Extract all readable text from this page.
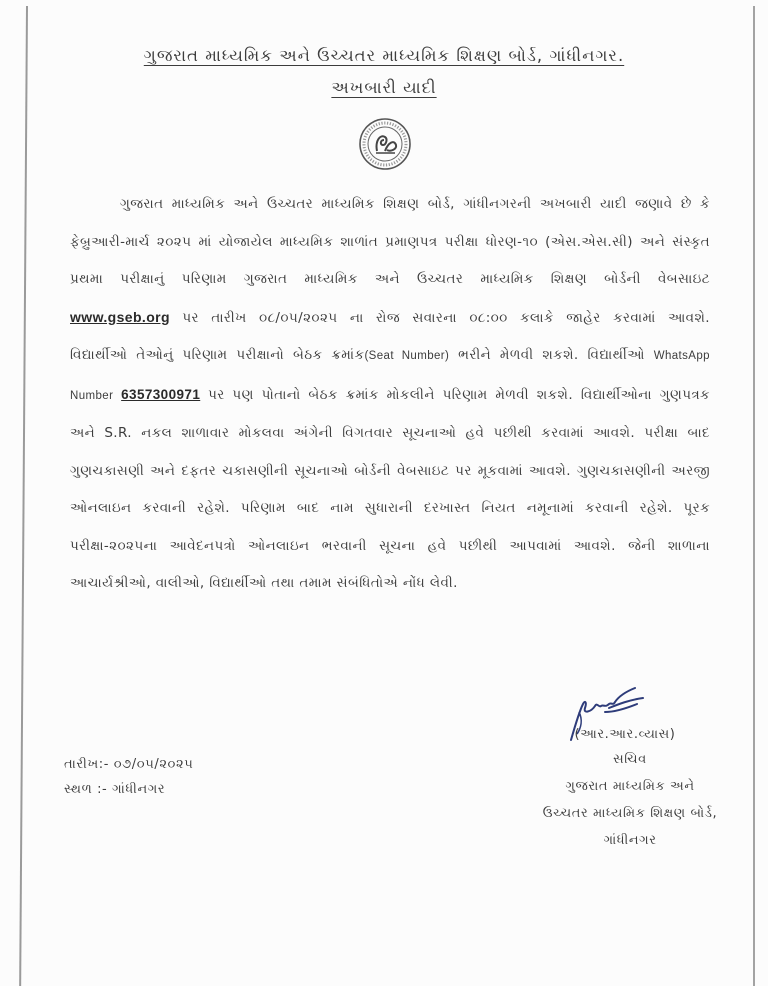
ગુજરાત માધ્યમિક અને ઉચ્ચતર માધ્યમિક શિક્ષણ બોર્ડ, ગાંધીનગર.
અખબારી યાદી
ગુજરાત માધ્યમિક અને ઉચ્ચતર માધ્યમિક શિક્ષણ બોર્ડ, ગાંધીનગરની અખબારી યાદી જણાવે છે કે
ફેબ્રુઆરી-માર્ચ ૨૦૨૫ માં યોજાયેલ માધ્યમિક શાળાંત પ્રમાણપત્ર પરીક્ષા ધોરણ-૧૦ (એસ.એસ.સી) અને સંસ્કૃત
પ્રથમા પરીક્ષાનું પરિણામ ગુજરાત માધ્યમિક અને ઉચ્ચતર માધ્યમિક શિક્ષણ બોર્ડની વેબસાઇટ
www.gseb.org પર તારીખ ૦૮/૦૫/૨૦૨૫ ના રોજ સવારના ૦૮:૦૦ કલાકે જાહેર કરવામાં આવશે.
વિદ્યાર્થીઓ તેઓનું પરિણામ પરીક્ષાનો બેઠક ક્રમાંક(Seat Number) ભરીને મેળવી શકશે. વિદ્યાર્થીઓ WhatsApp
Number 6357300971 પર પણ પોતાનો બેઠક ક્રમાંક મોકલીને પરિણામ મેળવી શકશે. વિદ્યાર્થીઓના ગુણપત્રક
અને S.R. નકલ શાળાવાર મોકલવા અંગેની વિગતવાર સૂચનાઓ હવે પછીથી કરવામાં આવશે. પરીક્ષા બાદ
ગુણચકાસણી અને દફતર ચકાસણીની સૂચનાઓ બોર્ડની વેબસાઇટ પર મૂકવામાં આવશે. ગુણચકાસણીની અરજી
ઓનલાઇન કરવાની રહેશે. પરિણામ બાદ નામ સુધારાની દરખાસ્ત નિયત નમૂનામાં કરવાની રહેશે. પૂરક
પરીક્ષા-૨૦૨૫ના આવેદનપત્રો ઓનલાઇન ભરવાની સૂચના હવે પછીથી આપવામાં આવશે. જેની શાળાના
આચાર્યશ્રીઓ, વાલીઓ, વિદ્યાર્થીઓ તથા તમામ સંબંધિતોએ નોંધ લેવી.
(આર.આર.વ્યાસ)
સચિવ
ગુજરાત માધ્યમિક અને
ઉચ્ચતર માધ્યમિક શિક્ષણ બોર્ડ,
ગાંધીનગર
તારીખ:- ૦૭/૦૫/૨૦૨૫
સ્થળ :- ગાંધીનગર
